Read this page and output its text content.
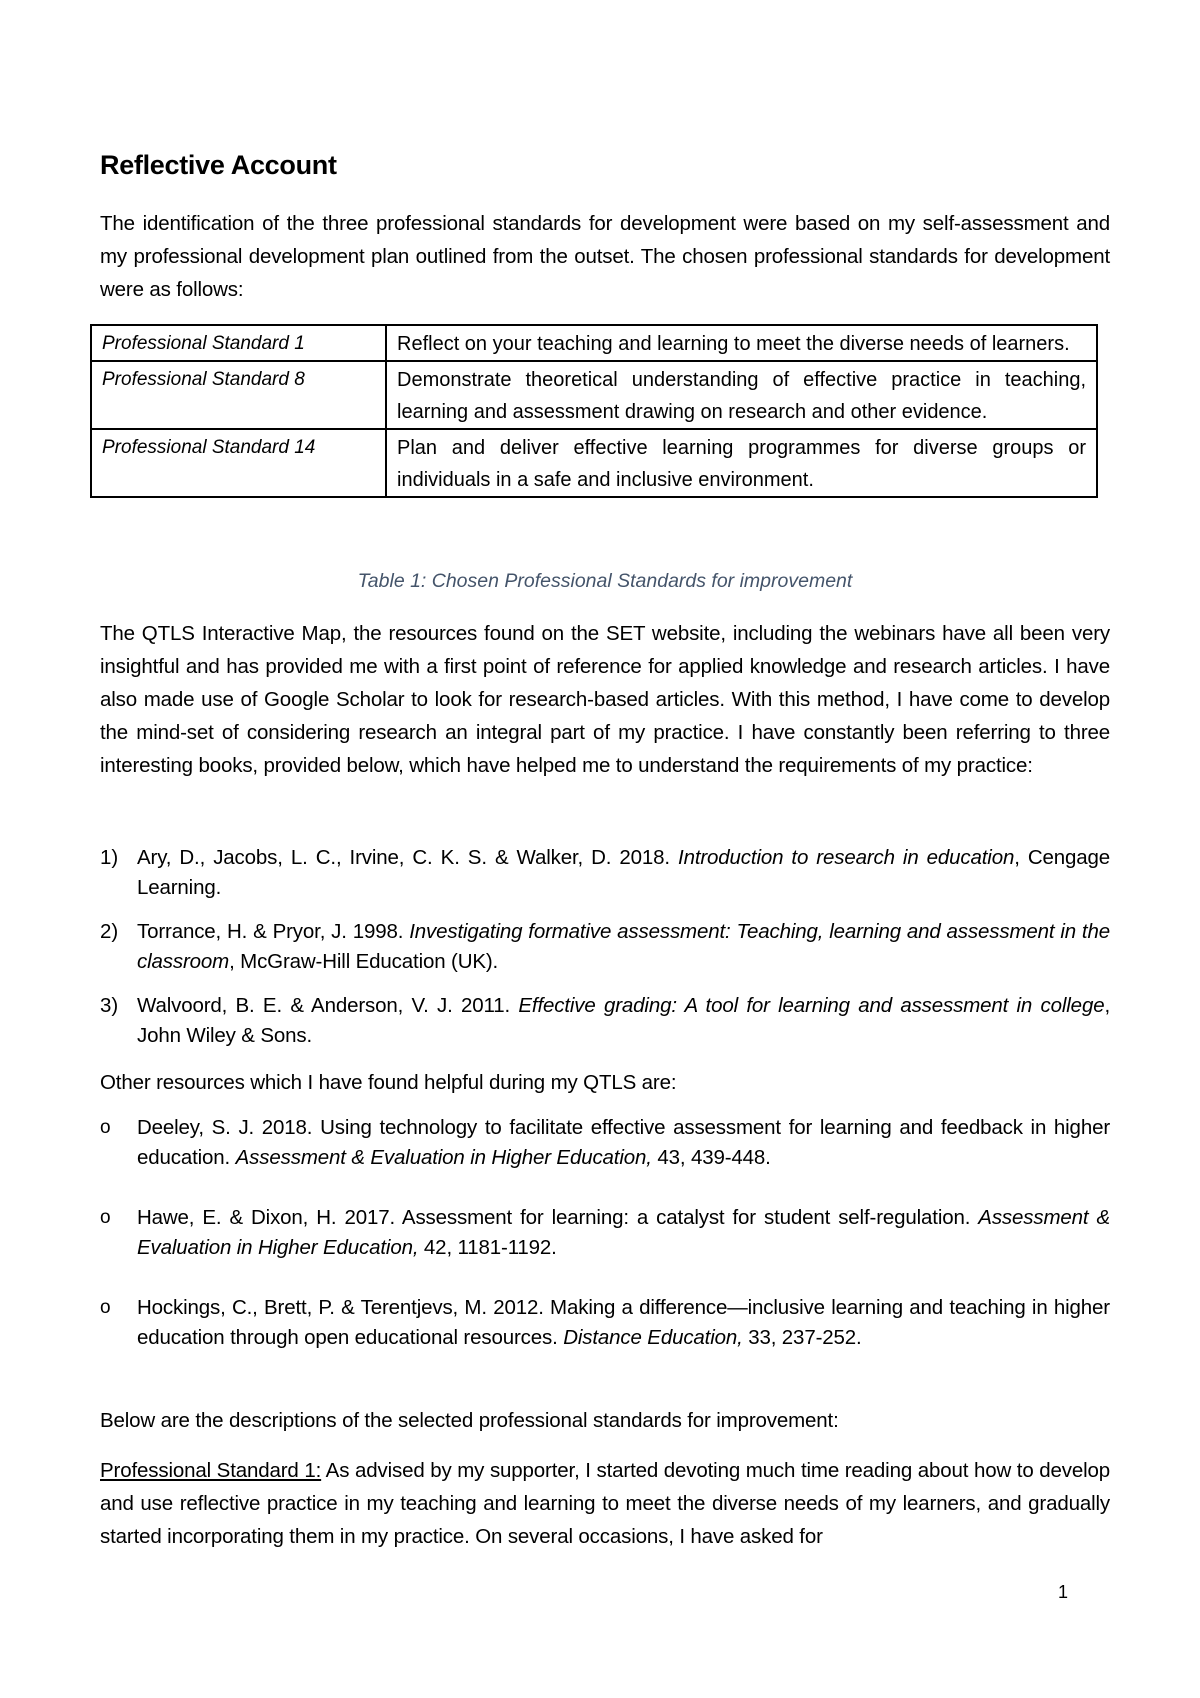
Reflective Account

The identification of the three professional standards for development were based on my self-assessment and my professional development plan outlined from the outset. The chosen professional standards for development were as follows:

Professional Standard 1	Reflect on your teaching and learning to meet the diverse needs of learners.
Professional Standard 8	Demonstrate theoretical understanding of effective practice in teaching, learning and assessment drawing on research and other evidence.
Professional Standard 14	Plan and deliver effective learning programmes for diverse groups or individuals in a safe and inclusive environment.
Table 1: Chosen Professional Standards for improvement

The QTLS Interactive Map, the resources found on the SET website, including the webinars have all been very insightful and has provided me with a first point of reference for applied knowledge and research articles. I have also made use of Google Scholar to look for research-based articles. With this method, I have come to develop the mind-set of considering research an integral part of my practice. I have constantly been referring to three interesting books, provided below, which have helped me to understand the requirements of my practice:

1) Ary, D., Jacobs, L. C., Irvine, C. K. S. & Walker, D. 2018. Introduction to research in education, Cengage Learning.
2) Torrance, H. & Pryor, J. 1998. Investigating formative assessment: Teaching, learning and assessment in the classroom, McGraw-Hill Education (UK).
3) Walvoord, B. E. & Anderson, V. J. 2011. Effective grading: A tool for learning and assessment in college, John Wiley & Sons.

Other resources which I have found helpful during my QTLS are:

o Deeley, S. J. 2018. Using technology to facilitate effective assessment for learning and feedback in higher education. Assessment & Evaluation in Higher Education, 43, 439-448.
o Hawe, E. & Dixon, H. 2017. Assessment for learning: a catalyst for student self-regulation. Assessment & Evaluation in Higher Education, 42, 1181-1192.
o Hockings, C., Brett, P. & Terentjevs, M. 2012. Making a difference—inclusive learning and teaching in higher education through open educational resources. Distance Education, 33, 237-252.

Below are the descriptions of the selected professional standards for improvement:

Professional Standard 1: As advised by my supporter, I started devoting much time reading about how to develop and use reflective practice in my teaching and learning to meet the diverse needs of my learners, and gradually started incorporating them in my practice. On several occasions, I have asked for

1
